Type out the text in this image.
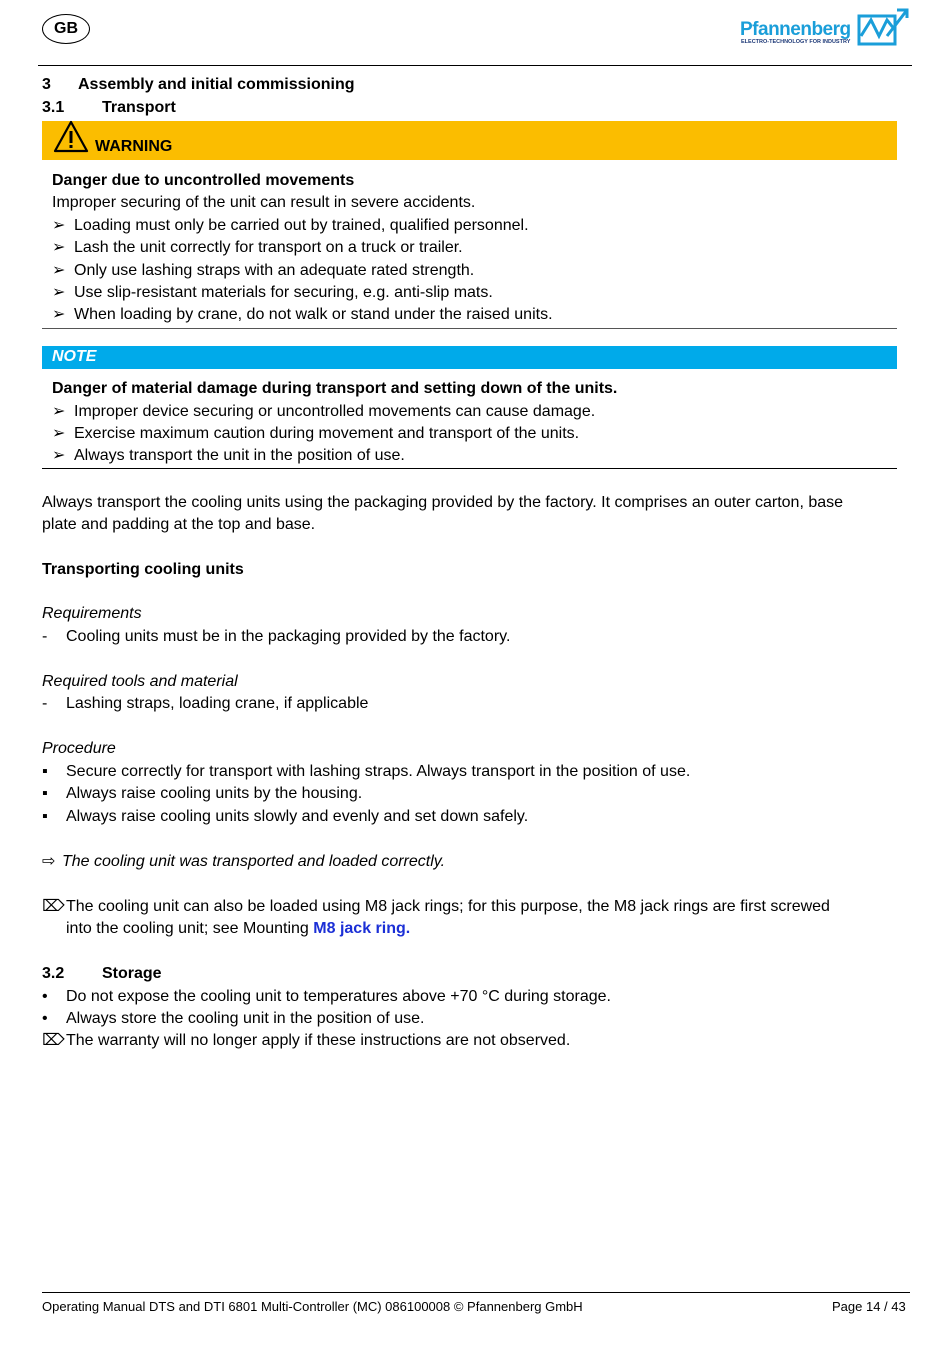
GB	Pfannenberg
ELECTRO-TECHNOLOGY FOR INDUSTRY
3 Assembly and initial commissioning
3.1 Transport
WARNING
Danger due to uncontrolled movements
Improper securing of the unit can result in severe accidents.
➢ Loading must only be carried out by trained, qualified personnel.
➢ Lash the unit correctly for transport on a truck or trailer.
➢ Only use lashing straps with an adequate rated strength.
➢ Use slip-resistant materials for securing, e.g. anti-slip mats.
➢ When loading by crane, do not walk or stand under the raised units.
NOTE
Danger of material damage during transport and setting down of the units.
➢ Improper device securing or uncontrolled movements can cause damage.
➢ Exercise maximum caution during movement and transport of the units.
➢ Always transport the unit in the position of use.
Always transport the cooling units using the packaging provided by the factory. It comprises an outer carton, base
plate and padding at the top and base.
Transporting cooling units
Requirements
- Cooling units must be in the packaging provided by the factory.
Required tools and material
- Lashing straps, loading crane, if applicable
Procedure
▪ Secure correctly for transport with lashing straps. Always transport in the position of use.
▪ Always raise cooling units by the housing.
▪ Always raise cooling units slowly and evenly and set down safely.
⇨ The cooling unit was transported and loaded correctly.
⌦The cooling unit can also be loaded using M8 jack rings; for this purpose, the M8 jack rings are first screwed
into the cooling unit; see Mounting M8 jack ring.
3.2 Storage
• Do not expose the cooling unit to temperatures above +70 °C during storage.
• Always store the cooling unit in the position of use.
⌦The warranty will no longer apply if these instructions are not observed.
Operating Manual DTS and DTI 6801 Multi-Controller (MC) 086100008 © Pfannenberg GmbH	Page 14 / 43
